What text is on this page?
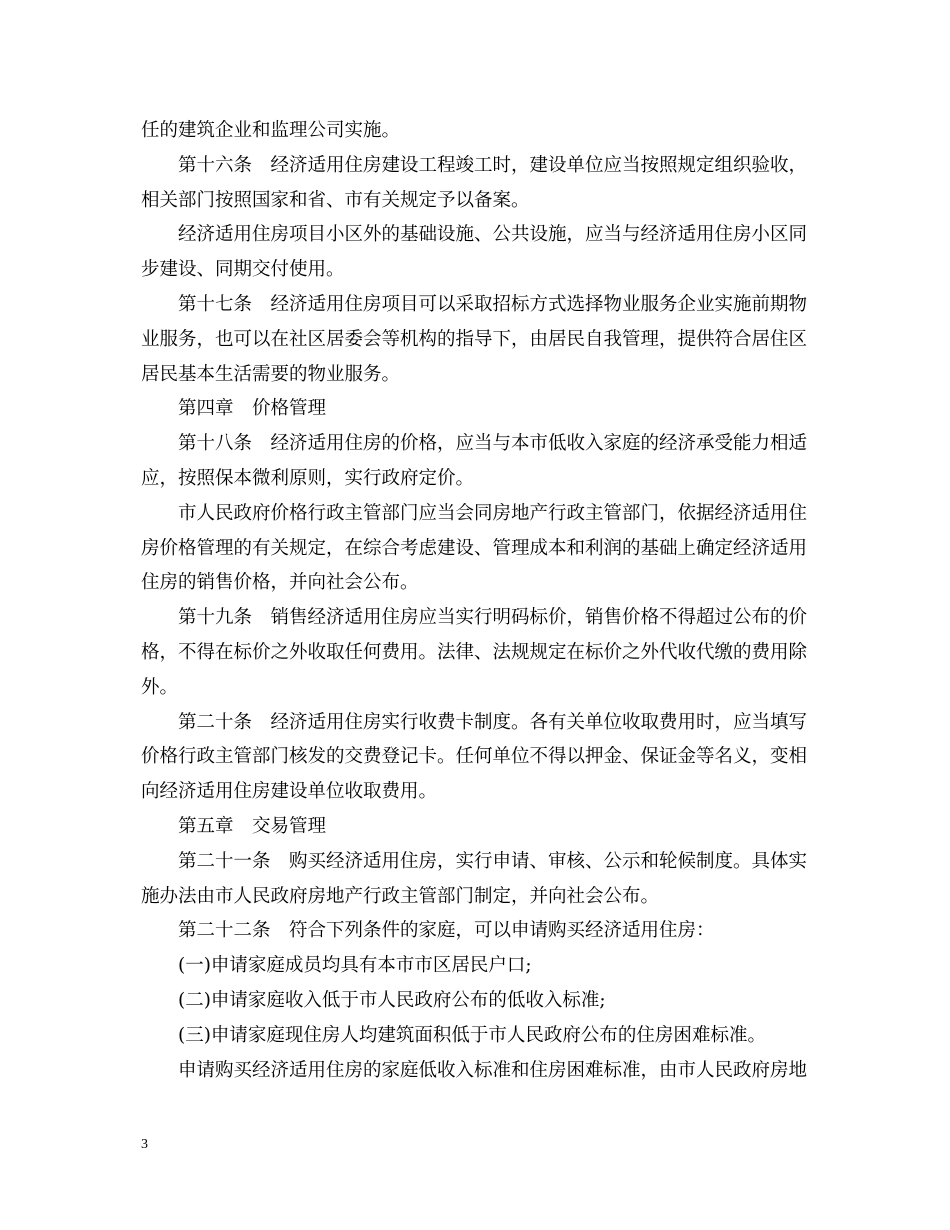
任的建筑企业和监理公司实施。
第十六条　经济适用住房建设工程竣工时，建设单位应当按照规定组织验收，
相关部门按照国家和省、市有关规定予以备案。
经济适用住房项目小区外的基础设施、公共设施，应当与经济适用住房小区同
步建设、同期交付使用。
第十七条　经济适用住房项目可以采取招标方式选择物业服务企业实施前期物
业服务，也可以在社区居委会等机构的指导下，由居民自我管理，提供符合居住区
居民基本生活需要的物业服务。
第四章　价格管理
第十八条　经济适用住房的价格，应当与本市低收入家庭的经济承受能力相适
应，按照保本微利原则，实行政府定价。
市人民政府价格行政主管部门应当会同房地产行政主管部门，依据经济适用住
房价格管理的有关规定，在综合考虑建设、管理成本和利润的基础上确定经济适用
住房的销售价格，并向社会公布。
第十九条　销售经济适用住房应当实行明码标价，销售价格不得超过公布的价
格，不得在标价之外收取任何费用。法律、法规规定在标价之外代收代缴的费用除
外。
第二十条　经济适用住房实行收费卡制度。各有关单位收取费用时，应当填写
价格行政主管部门核发的交费登记卡。任何单位不得以押金、保证金等名义，变相
向经济适用住房建设单位收取费用。
第五章　交易管理
第二十一条　购买经济适用住房，实行申请、审核、公示和轮候制度。具体实
施办法由市人民政府房地产行政主管部门制定，并向社会公布。
第二十二条　符合下列条件的家庭，可以申请购买经济适用住房：
(一)申请家庭成员均具有本市市区居民户口;
(二)申请家庭收入低于市人民政府公布的低收入标准;
(三)申请家庭现住房人均建筑面积低于市人民政府公布的住房困难标准。
申请购买经济适用住房的家庭低收入标准和住房困难标准，由市人民政府房地
3
